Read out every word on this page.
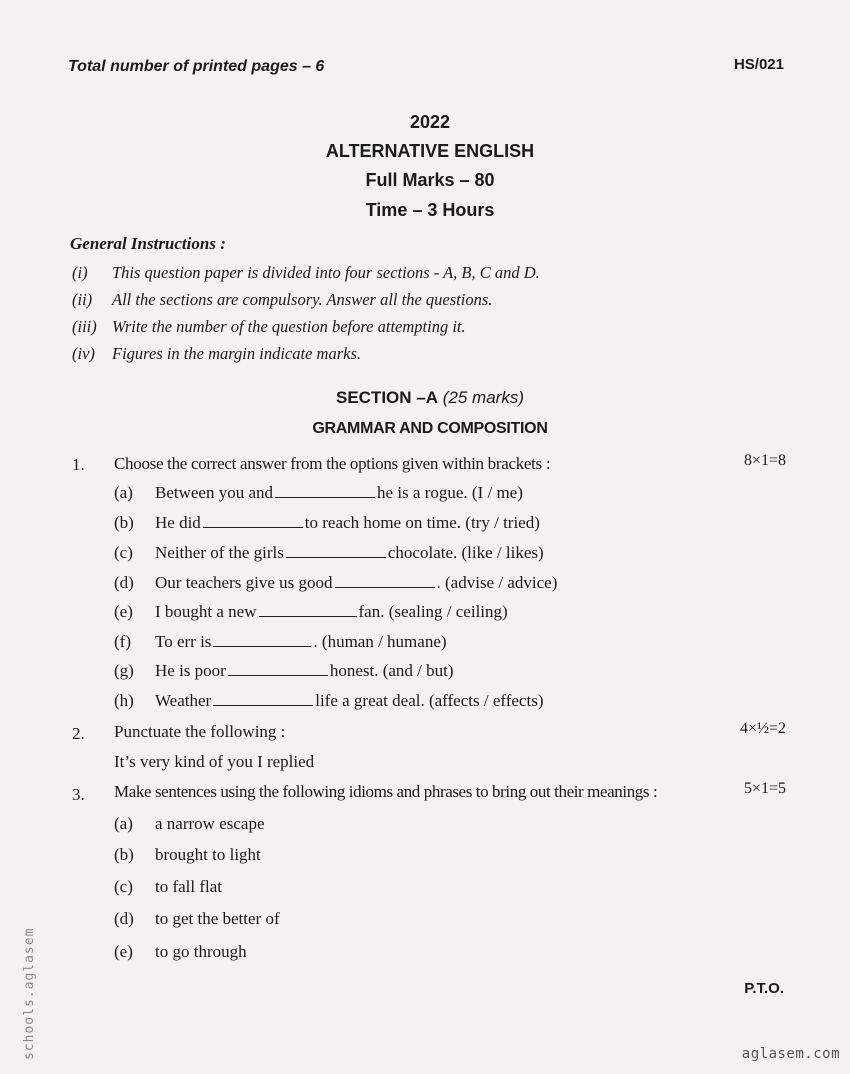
Total number of printed pages – 6	HS/021
2022
ALTERNATIVE ENGLISH
Full Marks – 80
Time – 3 Hours
General Instructions :
(i) This question paper is divided into four sections - A, B, C and D.
(ii) All the sections are compulsory. Answer all the questions.
(iii) Write the number of the question before attempting it.
(iv) Figures in the margin indicate marks.
SECTION –A (25 marks)
GRAMMAR AND COMPOSITION
1. Choose the correct answer from the options given within brackets :	8×1=8
(a) Between you and	he is a rogue. (I / me)
(b) He did	to reach home on time. (try / tried)
(c) Neither of the girls	chocolate. (like / likes)
(d) Our teachers give us good	. (advise / advice)
(e) I bought a new	fan. (sealing / ceiling)
(f) To err is	. (human / humane)
(g) He is poor	honest. (and / but)
(h) Weather	life a great deal. (affects / effects)
2. Punctuate the following :	4×½=2
It’s very kind of you I replied
3. Make sentences using the following idioms and phrases to bring out their meanings :	5×1=5
(a) a narrow escape
(b) brought to light
(c) to fall flat
(d) to get the better of
(e) to go through
P.T.O.
aglasem.com
schools.aglasem
